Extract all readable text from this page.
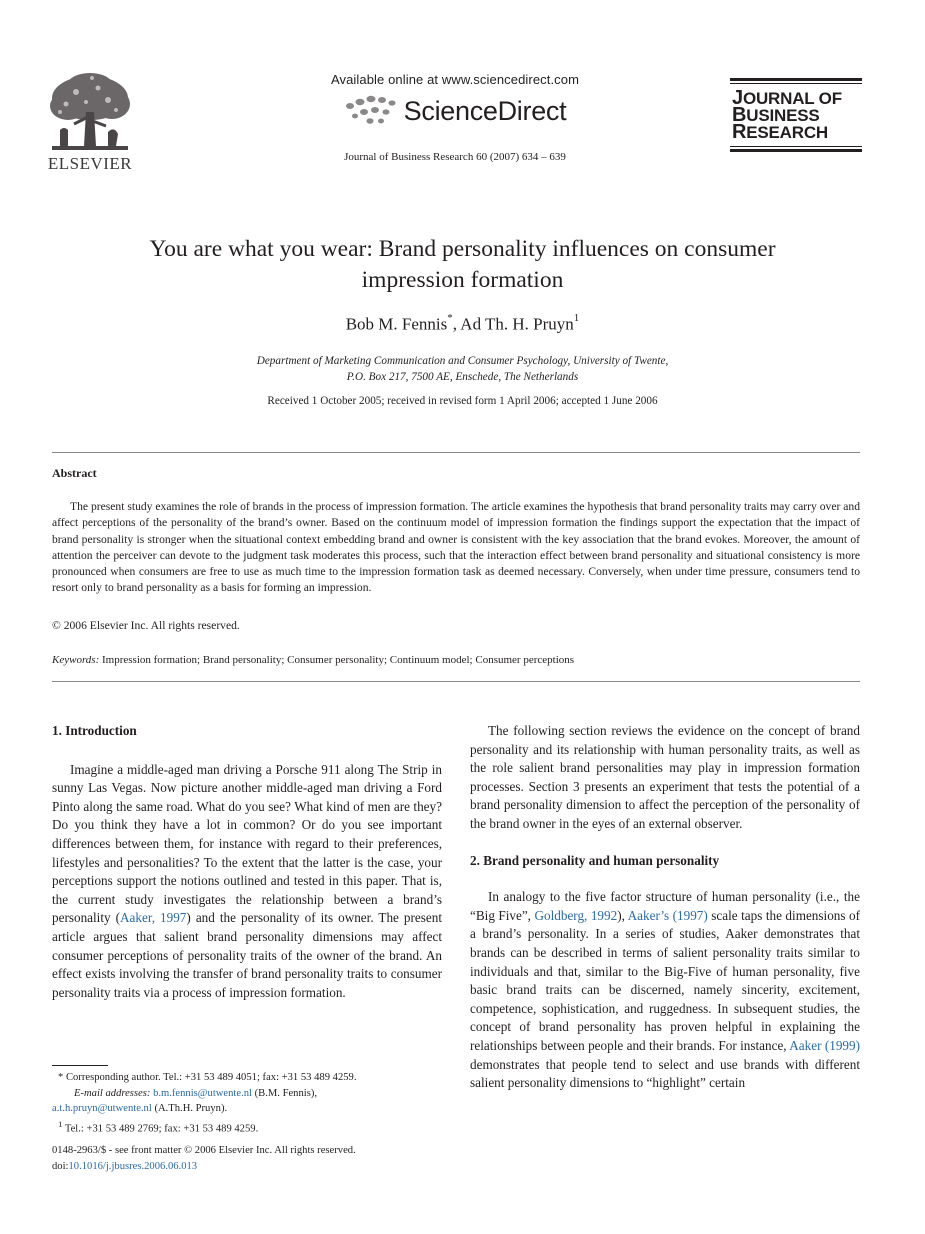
ELSEVIER
Available online at www.sciencedirect.com
ScienceDirect
Journal of Business Research 60 (2007) 634 – 639
JOURNAL OF
BUSINESS
RESEARCH
You are what you wear: Brand personality influences on consumer
impression formation
Bob M. Fennis*, Ad Th. H. Pruyn$^1$
Department of Marketing Communication and Consumer Psychology, University of Twente,
P.O. Box 217, 7500 AE, Enschede, The Netherlands
Received 1 October 2005; received in revised form 1 April 2006; accepted 1 June 2006
Abstract

The present study examines the role of brands in the process of impression formation. The article examines the hypothesis that brand personality traits may carry over and affect perceptions of the personality of the brand’s owner. Based on the continuum model of impression formation the findings support the expectation that the impact of brand personality is stronger when the situational context embedding brand and owner is consistent with the key association that the brand evokes. Moreover, the amount of attention the perceiver can devote to the judgment task moderates this process, such that the interaction effect between brand personality and situational consistency is more pronounced when consumers are free to use as much time to the impression formation task as deemed necessary. Conversely, when under time pressure, consumers tend to resort only to brand personality as a basis for forming an impression.

© 2006 Elsevier Inc. All rights reserved.
Keywords: Impression formation; Brand personality; Consumer personality; Continuum model; Consumer perceptions
1. Introduction

Imagine a middle-aged man driving a Porsche 911 along The Strip in sunny Las Vegas. Now picture another middle-aged man driving a Ford Pinto along the same road. What do you see? What kind of men are they? Do you think they have a lot in common? Or do you see important differences between them, for instance with regard to their preferences, lifestyles and personalities? To the extent that the latter is the case, your perceptions support the notions outlined and tested in this paper. That is, the current study investigates the relationship between a brand’s personality (Aaker, 1997) and the personality of its owner. The present article argues that salient brand personality dimensions may affect consumer perceptions of personality traits of the owner of the brand. An effect exists involving the transfer of brand personality traits to consumer personality traits via a process of impression formation.

* Corresponding author. Tel.: +31 53 489 4051; fax: +31 53 489 4259.
E-mail addresses: b.m.fennis@utwente.nl (B.M. Fennis),
a.t.h.pruyn@utwente.nl (A.Th.H. Pruyn).
$^1$ Tel.: +31 53 489 2769; fax: +31 53 489 4259.
0148-2963/$ - see front matter © 2006 Elsevier Inc. All rights reserved.
doi:10.1016/j.jbusres.2006.06.013

The following section reviews the evidence on the concept of brand personality and its relationship with human personality traits, as well as the role salient brand personalities may play in impression formation processes. Section 3 presents an experiment that tests the potential of a brand personality dimension to affect the perception of the personality of the brand owner in the eyes of an external observer.

2. Brand personality and human personality

In analogy to the five factor structure of human personality (i.e., the “Big Five”, Goldberg, 1992), Aaker’s (1997) scale taps the dimensions of a brand’s personality. In a series of studies, Aaker demonstrates that brands can be described in terms of salient personality traits similar to individuals and that, similar to the Big-Five of human personality, five basic brand traits can be discerned, namely sincerity, excitement, competence, sophistication, and ruggedness. In subsequent studies, the concept of brand personality has proven helpful in explaining the relationships between people and their brands. For instance, Aaker (1999) demonstrates that people tend to select and use brands with different salient personality dimensions to “highlight” certain
